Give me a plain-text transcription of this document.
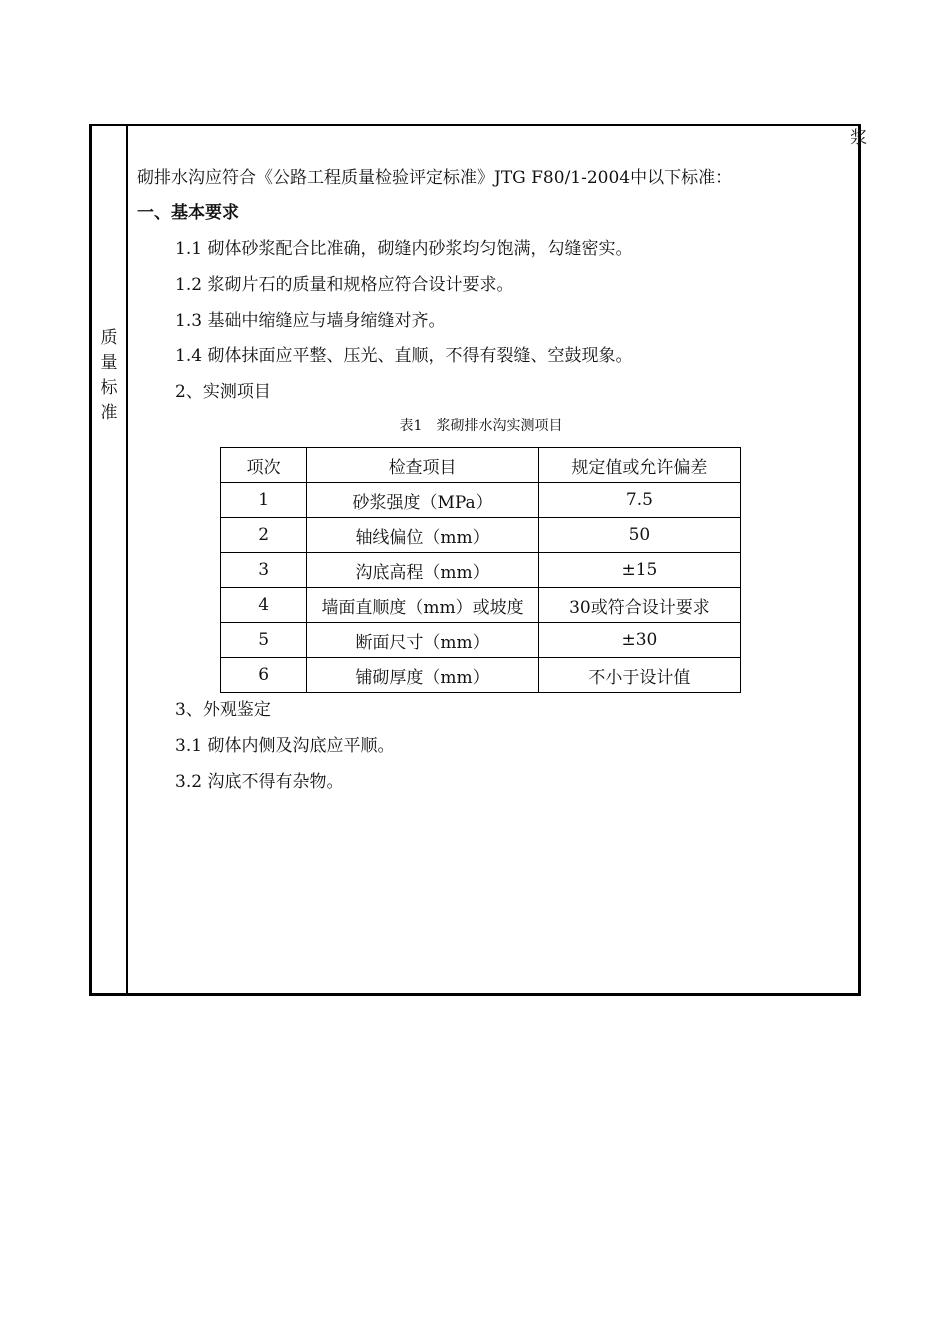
浆
质
量
标
准
砌排水沟应符合《公路工程质量检验评定标准》JTG F80/1-2004中以下标准：
一、基本要求
1.1 砌体砂浆配合比准确，砌缝内砂浆均匀饱满，勾缝密实。
1.2 浆砌片石的质量和规格应符合设计要求。
1.3 基础中缩缝应与墙身缩缝对齐。
1.4 砌体抹面应平整、压光、直顺，不得有裂缝、空鼓现象。
2、实测项目
表1　浆砌排水沟实测项目
项次	检查项目	规定值或允许偏差
1	砂浆强度（MPa）	7.5
2	轴线偏位（mm）	50
3	沟底高程（mm）	±15
4	墙面直顺度（mm）或坡度	30或符合设计要求
5	断面尺寸（mm）	±30
6	铺砌厚度（mm）	不小于设计值
3、外观鉴定
3.1 砌体内侧及沟底应平顺。
3.2 沟底不得有杂物。
